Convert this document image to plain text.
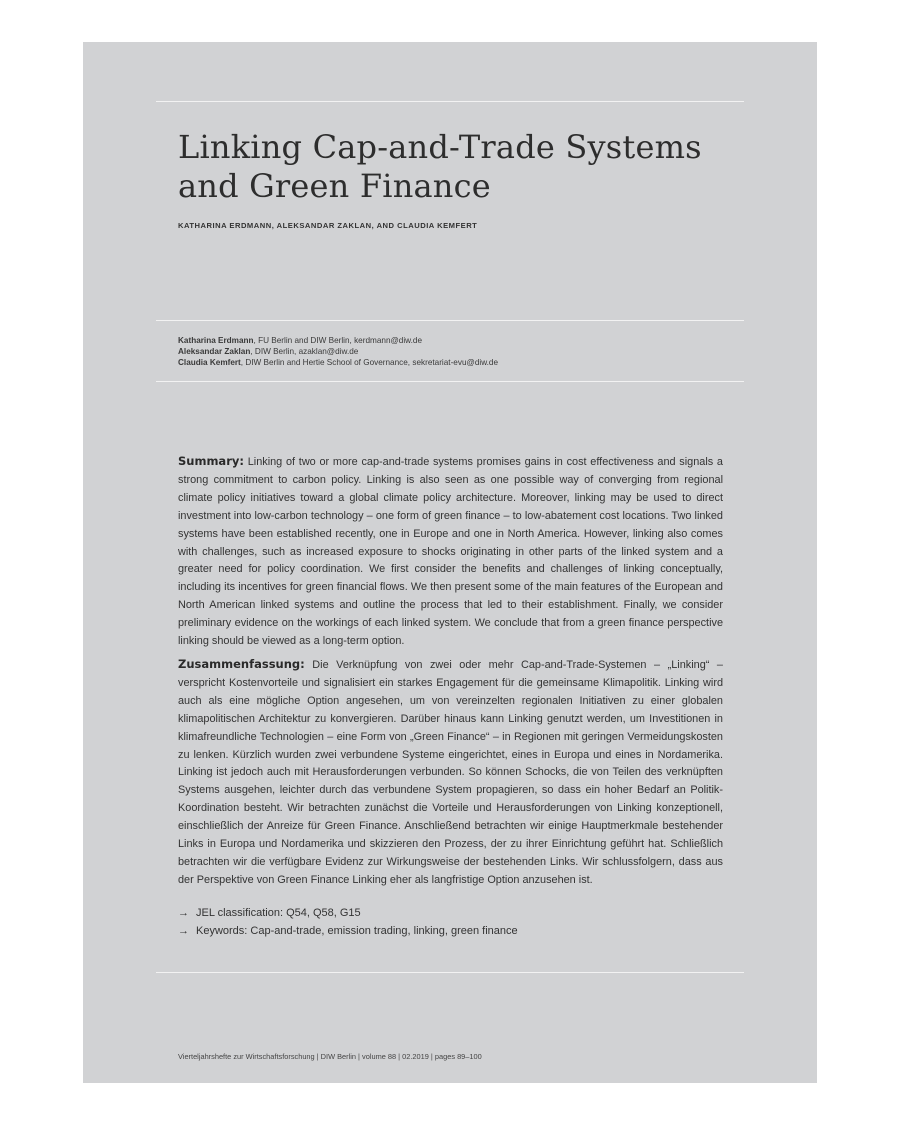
Linking Cap-and-Trade Systems and Green Finance
KATHARINA ERDMANN, ALEKSANDAR ZAKLAN, AND CLAUDIA KEMFERT
Katharina Erdmann, FU Berlin and DIW Berlin, kerdmann@diw.de
Aleksandar Zaklan, DIW Berlin, azaklan@diw.de
Claudia Kemfert, DIW Berlin and Hertie School of Governance, sekretariat-evu@diw.de

Summary: Linking of two or more cap-and-trade systems promises gains in cost effectiveness and signals a strong commitment to carbon policy. Linking is also seen as one possible way of converging from regional climate policy initiatives toward a global climate policy architecture. Moreover, linking may be used to direct investment into low-carbon technology – one form of green finance – to low-abatement cost locations. Two linked systems have been established recently, one in Europe and one in North America. However, linking also comes with challenges, such as increased exposure to shocks originating in other parts of the linked system and a greater need for policy coordination. We first consider the benefits and challenges of linking conceptually, including its incentives for green financial flows. We then present some of the main features of the European and North American linked systems and outline the process that led to their establishment. Finally, we consider preliminary evidence on the workings of each linked system. We conclude that from a green finance perspective linking should be viewed as a long-term option.

Zusammenfassung: Die Verknüpfung von zwei oder mehr Cap-and-Trade-Systemen – „Linking“ – verspricht Kostenvorteile und signalisiert ein starkes Engagement für die gemeinsame Klimapolitik. Linking wird auch als eine mögliche Option angesehen, um von vereinzelten regionalen Initiativen zu einer globalen klimapolitischen Architektur zu konvergieren. Darüber hinaus kann Linking genutzt werden, um Investitionen in klimafreundliche Technologien – eine Form von „Green Finance“ – in Regionen mit geringen Vermeidungskosten zu lenken. Kürzlich wurden zwei verbundene Systeme eingerichtet, eines in Europa und eines in Nordamerika. Linking ist jedoch auch mit Herausforderungen verbunden. So können Schocks, die von Teilen des verknüpften Systems ausgehen, leichter durch das verbundene System propagieren, so dass ein hoher Bedarf an Politik-Koordination besteht. Wir betrachten zunächst die Vorteile und Herausforderungen von Linking konzeptionell, einschließlich der Anreize für Green Finance. Anschließend betrachten wir einige Hauptmerkmale bestehender Links in Europa und Nordamerika und skizzieren den Prozess, der zu ihrer Einrichtung geführt hat. Schließlich betrachten wir die verfügbare Evidenz zur Wirkungsweise der bestehenden Links. Wir schlussfolgern, dass aus der Perspektive von Green Finance Linking eher als langfristige Option anzusehen ist.

→ JEL classification: Q54, Q58, G15
→ Keywords: Cap-and-trade, emission trading, linking, green finance
Vierteljahrshefte zur Wirtschaftsforschung | DIW Berlin | volume 88 | 02.2019 | pages 89–100
